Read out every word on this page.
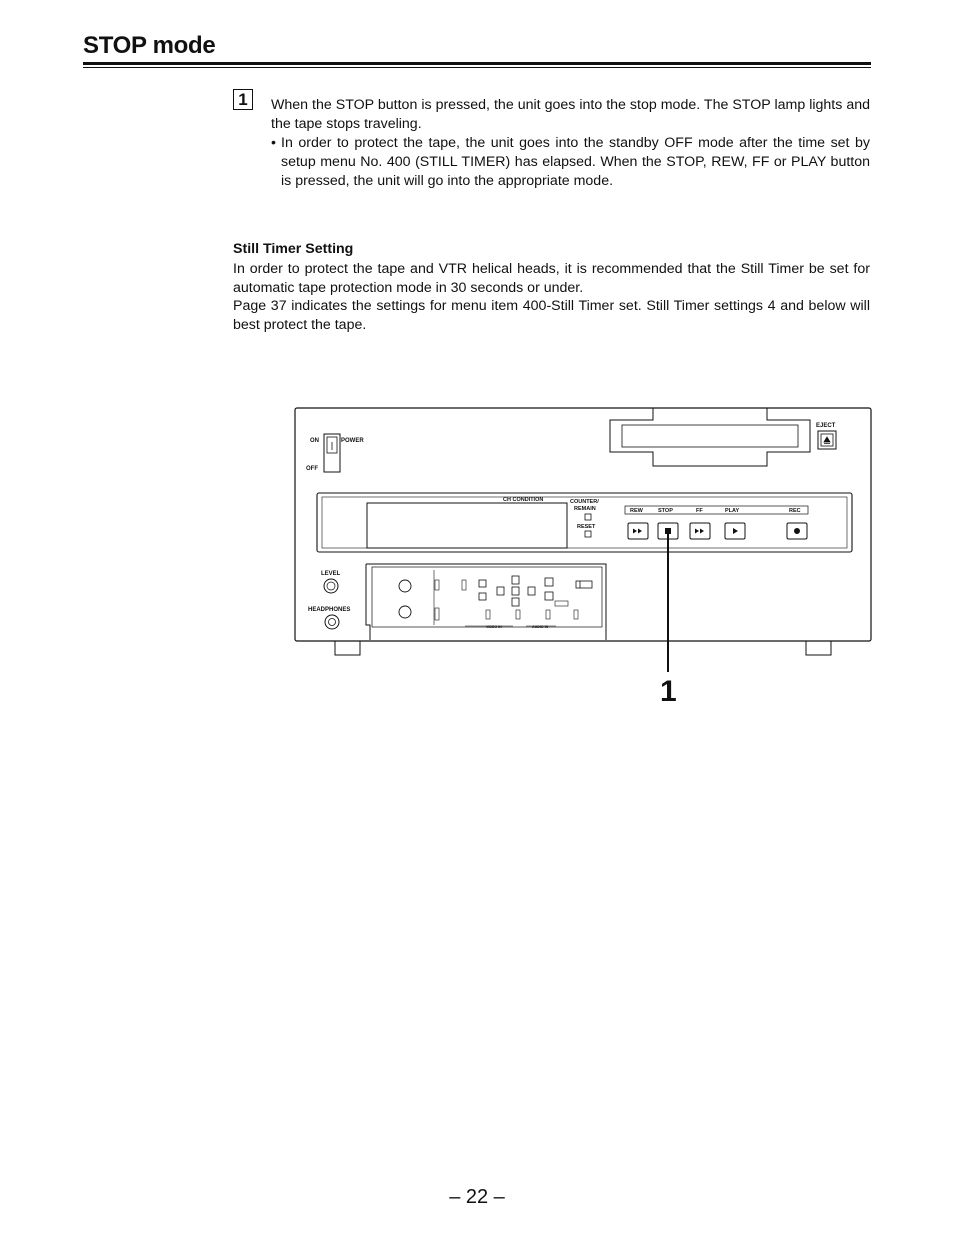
STOP mode
1	When the STOP button is pressed, the unit goes into the stop mode. The STOP lamp lights and the tape stops traveling.
• In order to protect the tape, the unit goes into the standby OFF mode after the time set by setup menu No. 400 (STILL TIMER) has elapsed. When the STOP, REW, FF or PLAY button is pressed, the unit will go into the appropriate mode.
Still Timer Setting
In order to protect the tape and VTR helical heads, it is recommended that the Still Timer be set for automatic tape protection mode in 30 seconds or under.
Page 37 indicates the settings for menu item 400-Still Timer set. Still Timer settings 4 and below will best protect the tape.
ON
OFF
POWER
EJECT
CH CONDITION	COUNTER/
REMAIN
RESET
REW	STOP	FF	PLAY	REC
LEVEL
HEADPHONES
VIDEO IN	AUDIO IN
1
– 22 –
